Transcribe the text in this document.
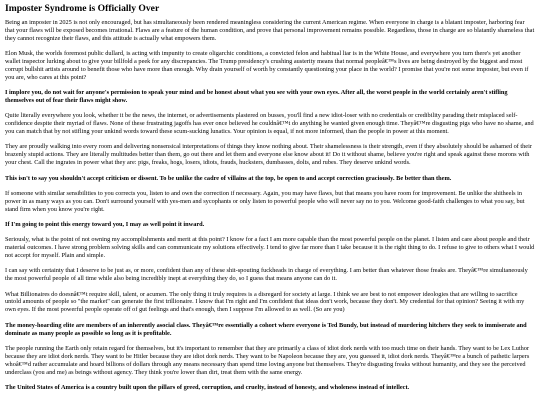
Imposter Syndrome is Officially Over

Being an imposter in 2025 is not only encouraged, but has simultaneously been rendered meaningless considering the current American regime. When everyone in charge is a blatant imposter, harboring fear that your flaws will be exposed becomes irrational. Flaws are a feature of the human condition, and prove that personal improvement remains possible. Regardless, those in charge are so blatantly shameless that they cannot recognize their flaws, and this attitude is actually what empowers them.

Elon Musk, the worlds foremost public dullard, is acting with impunity to create oligarchic conditions, a convicted felon and habitual liar is in the White House, and everywhere you turn there's yet another wallet inspector lurking about to give your billfold a peek for any discrepancies. The Trump presidency's crushing austerity means that normal peopleâ€™s lives are being destroyed by the biggest and most corrupt bullshit artists around to benefit those who have more than enough. Why drain yourself of worth by constantly questioning your place in the world? I promise that you're not some imposter, but even if you are, who cares at this point?

I implore you, do not wait for anyone's permission to speak your mind and be honest about what you see with your own eyes. After all, the worst people in the world certainly aren't stifling themselves out of fear their flaws might show.

Quite literally everywhere you look, whether it be the news, the internet, or advertisements plastered on busses, you'll find a new idiot-loser with no credentials or credibility parading their misplaced self-confidence despite their myriad of flaws. None of these frustrating jagoffs has ever once believed he couldnâ€™t do anything he wanted given enough time. Theyâ€™re disgusting pigs who have no shame, and you can match that by not stifling your unkind words toward these scum-sucking lunatics. Your opinion is equal, if not more informed, than the people in power at this moment.

They are proudly walking into every room and delivering nonsensical interpretations of things they know nothing about. Their shamelessness is their strength, even if they absolutely should be ashamed of their brazenly stupid actions. They are literally multitudes better than them, go out there and let them and everyone else know about it! Do it without shame, believe you're right and speak against these morons with your chest. Call the ingrates in power what they are: pigs, freaks, hogs, losers, idiots, frauds, hucksters, dumbasses, dolts, and rubes. They deserve unkind words.

This isn't to say you shouldn't accept criticism or dissent. To be unlike the cadre of villains at the top, be open to and accept correction graciously. Be better than them.

If someone with similar sensibilities to you corrects you, listen to and own the correction if necessary. Again, you may have flaws, but that means you have room for improvement. Be unlike the shitheels in power in as many ways as you can. Don't surround yourself with yes-men and sycophants or only listen to powerful people who will never say no to you. Welcome good-faith challenges to what you say, but stand firm when you know you're right.

If I'm going to point this energy toward you, I may as well point it inward.

Seriously, what is the point of not owning my accomplishments and merit at this point? I know for a fact I am more capable than the most powerful people on the planet. I listen and care about people and their material outcomes. I have strong problem solving skills and can communicate my solutions effectively. I tend to give far more than I take because it is the right thing to do. I refuse to give to others what I would not accept for myself. Plain and simple.

I can say with certainty that I deserve to be just as, or more, confident than any of these shit-spouting fuckheads in charge of everything. I am better than whatever those freaks are. Theyâ€™re simultaneously the most powerful people of all time while also being incredibly inept at everything they do, so I guess that means anyone can do it.

What Billionaires do doesnâ€™t require skill, talent, or acumen. The only thing it truly requires is a disregard for society at large. I think we are best to not empower ideologies that are willing to sacrifice untold amounts of people so "the market" can generate the first trillionaire. I know that I'm right and I'm confident that ideas don't work, because they don't. My credential for that opinion? Seeing it with my own eyes. If the most powerful people operate off of gut feelings and that's enough, then I suppose I'm allowed to as well. (So are you)

The money-hoarding elite are members of an inherently asocial class. Theyâ€™re essentially a cohort where everyone is Ted Bundy, but instead of murdering hitchers they seek to immiserate and dominate as many people as possible so long as it is profitable.

The people running the Earth only retain regard for themselves, but it's important to remember that they are primarily a class of idiot dork nerds with too much time on their hands. They want to be Lex Luthor because they are idiot dork nerds. They want to be Hitler because they are idiot dork nerds. They want to be Napoleon because they are, you guessed it, idiot dork nerds. Theyâ€™re a bunch of pathetic larpers whoâ€™d rather accumulate and hoard billions of dollars through any means necessary than spend time loving anyone but themselves. They're disgusting freaks without humanity, and they see the perceived underclass (you and me) as beings without agency. They think you're lower than dirt, treat them with the same energy.

The United States of America is a country built upon the pillars of greed, corruption, and cruelty, instead of honesty, and wholeness instead of intellect.
